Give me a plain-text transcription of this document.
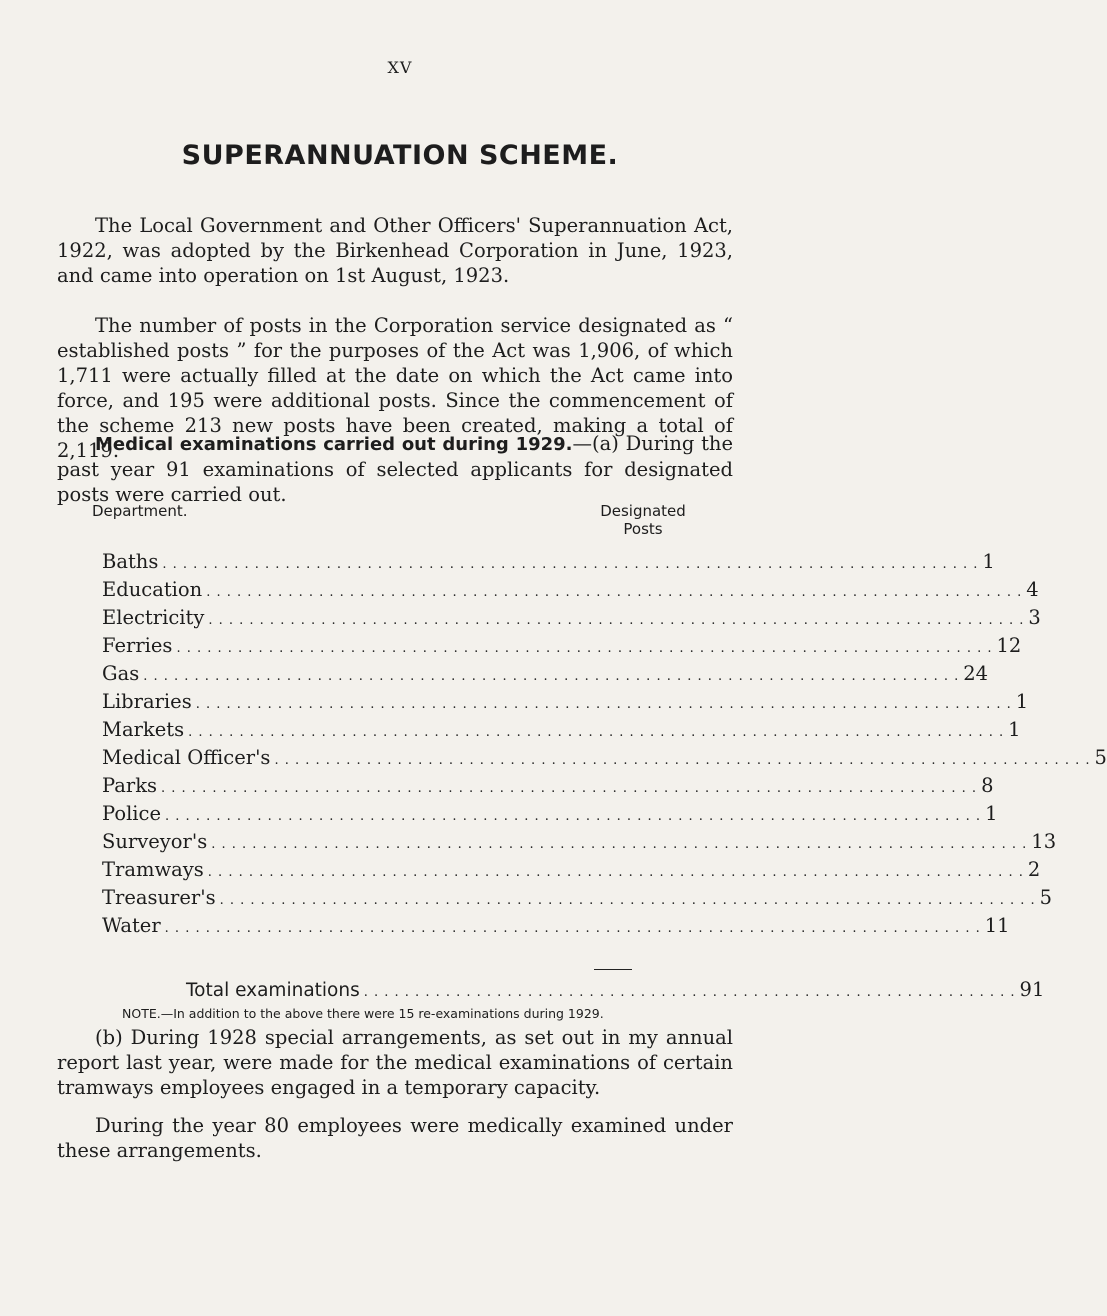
XV
SUPERANNUATION SCHEME.

The Local Government and Other Officers' Superannuation Act, 1922, was adopted by the Birkenhead Corporation in June, 1923, and came into operation on 1st August, 1923.

The number of posts in the Corporation service designated as “ established posts ” for the purposes of the Act was 1,906, of which 1,711 were actually filled at the date on which the Act came into force, and 195 were additional posts. Since the commencement of the scheme 213 new posts have been created, making a total of 2,119.

Medical examinations carried out during 1929.—(a) During the past year 91 examinations of selected applicants for designated posts were carried out.

Department.	Designated
Posts
Baths . . . . . . . . . . . . . . . . . . . . . . . . . . . . . . . . . . . . . . . . . . . . . . . . . . . . . . . . . . . . . . . . . . . . . . . . . . . . . . . . 1
Education . . . . . . . . . . . . . . . . . . . . . . . . . . . . . . . . . . . . . . . . . . . . . . . . . . . . . . . . . . . . . . . . . . . . . . . . . . . . . . . . 4
Electricity . . . . . . . . . . . . . . . . . . . . . . . . . . . . . . . . . . . . . . . . . . . . . . . . . . . . . . . . . . . . . . . . . . . . . . . . . . . . . . . . 3
Ferries . . . . . . . . . . . . . . . . . . . . . . . . . . . . . . . . . . . . . . . . . . . . . . . . . . . . . . . . . . . . . . . . . . . . . . . . . . . . . . . . 12
Gas . . . . . . . . . . . . . . . . . . . . . . . . . . . . . . . . . . . . . . . . . . . . . . . . . . . . . . . . . . . . . . . . . . . . . . . . . . . . . . . . 24
Libraries . . . . . . . . . . . . . . . . . . . . . . . . . . . . . . . . . . . . . . . . . . . . . . . . . . . . . . . . . . . . . . . . . . . . . . . . . . . . . . . . 1
Markets . . . . . . . . . . . . . . . . . . . . . . . . . . . . . . . . . . . . . . . . . . . . . . . . . . . . . . . . . . . . . . . . . . . . . . . . . . . . . . . . 1
Medical Officer's . . . . . . . . . . . . . . . . . . . . . . . . . . . . . . . . . . . . . . . . . . . . . . . . . . . . . . . . . . . . . . . . . . . . . . . . . . . . . . . . 5
Parks . . . . . . . . . . . . . . . . . . . . . . . . . . . . . . . . . . . . . . . . . . . . . . . . . . . . . . . . . . . . . . . . . . . . . . . . . . . . . . . . 8
Police . . . . . . . . . . . . . . . . . . . . . . . . . . . . . . . . . . . . . . . . . . . . . . . . . . . . . . . . . . . . . . . . . . . . . . . . . . . . . . . . 1
Surveyor's . . . . . . . . . . . . . . . . . . . . . . . . . . . . . . . . . . . . . . . . . . . . . . . . . . . . . . . . . . . . . . . . . . . . . . . . . . . . . . . . 13
Tramways . . . . . . . . . . . . . . . . . . . . . . . . . . . . . . . . . . . . . . . . . . . . . . . . . . . . . . . . . . . . . . . . . . . . . . . . . . . . . . . . 2
Treasurer's . . . . . . . . . . . . . . . . . . . . . . . . . . . . . . . . . . . . . . . . . . . . . . . . . . . . . . . . . . . . . . . . . . . . . . . . . . . . . . . . 5
Water . . . . . . . . . . . . . . . . . . . . . . . . . . . . . . . . . . . . . . . . . . . . . . . . . . . . . . . . . . . . . . . . . . . . . . . . . . . . . . . . 11
Total examinations . . . . . . . . . . . . . . . . . . . . . . . . . . . . . . . . . . . . . . . . . . . . . . . . . . . . . . . . . . . . . . . . 91
NOTE.—In addition to the above there were 15 re-examinations during 1929.

(b) During 1928 special arrangements, as set out in my annual report last year, were made for the medical examinations of certain tramways employees engaged in a temporary capacity.

During the year 80 employees were medically examined under these arrangements.
